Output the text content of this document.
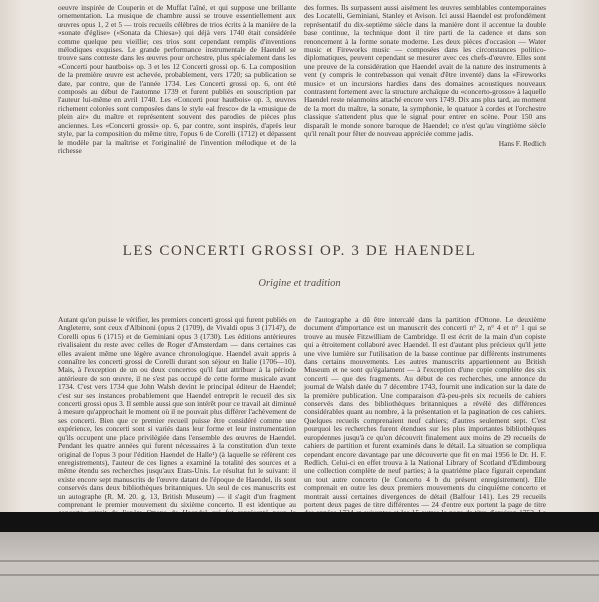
oeuvre inspirée de Couperin et de Muffat l'aîné, et qui suppose une brillante ornementation. La musique de chambre aussi se trouve essentiellement aux œuvres opus 1, 2 et 5 — trois recueils célèbres de trios écrits à la manière de la «sonate d'église» («Sonata da Chiesa») qui déjà vers 1740 était considérée comme quelque peu vieillie; ces trios sont cependant remplis d'inventions mélodiques exquises. Le grande performance instrumentale de Haendel se trouve sans conteste dans les œuvres pour orchestre, plus spécialement dans les «Concerti pour hautbois» op. 3 et les 12 Concerti grossi op. 6. La composition de la première œuvre est achevée, probablement, vers 1720; sa publication se date, par contre, que de l'année 1734. Les Concerti grossi op. 6, ont été composés au début de l'automne 1739 et furent publiés en souscription par l'auteur lui-même en avril 1740. Les «Concerti pour hautbois» op. 3, œuvres richement colorées sont composées dans le style «al fresco» de la «musique de plein air» du maître et représentent souvent des parodies de pièces plus anciennes. Les «Concerti grossi» op. 6, par contre, sont inspirés, d'après leur style, par la composition du même titre, l'opus 6 de Corelli (1712) et dépassent le modèle par la maîtrise et l'originalité de l'invention mélodique et de la richesse

des formes. Ils surpassent aussi aisément les œuvres semblables contemporaines des Locatelli, Geminiani, Stanley et Avison. Ici aussi Haendel est profondément représentatif du dix-septième siècle dans la manière dont il accentue la double base continue, la technique dont il tire parti de la cadence et dans son renoncement à la forme sonate moderne. Les deux pièces d'occasion — Water music et Fireworks music — composées dans les circonstances politico-diplomatiques, peuvent cependant se mesurer avec ces chefs-d'œuvre. Elles sont une preuve de la considération que Haendel avait de la nature des instruments à vent (y compris le contrebasson qui venait d'être inventé) dans la «Fireworks music» et un incursions hardies dans des domaines acoustiques nouveaux contrastent fortement avec la structure archaïque du «concerto-grosso» à laquelle Haendel reste néanmoins attaché encore vers 1749. Dix ans plus tard, au moment de la mort du maître, la sonate, la symphonie, le quatuor à cordes et l'orchestre classique s'attendent plus que le signal pour entrer en scène. Pour 150 ans disparaît le monde sonore baroque de Haendel; ce n'est qu'au vingtième siècle qu'il renaît pour fêter de nouveau appréciée comme jadis.

Hans F. Redlich
LES CONCERTI GROSSI OP. 3 DE HAENDEL
Origine et tradition

Autant qu'on puisse le vérifier, les premiers concerti grossi qui furent publiés en Angleterre, sont ceux d'Albinoni (opus 2 (1709), de Vivaldi opus 3 (1714?), de Corelli opus 6 (1715) et de Geminiani opus 3 (1730). Les éditions antérieures rivalisaient du reste avec celles de Roger d'Amsterdam — dans certaines cas elles avaient même une légère avance chronologique. Haendel avait appris à connaître les concerti grossi de Corelli durant son séjour en Italie (1706—10). Mais, à l'exception de un ou deux concertos qu'il faut attribuer à la période antérieure de son œuvre, il ne s'est pas occupé de cette forme musicale avant 1734. C'est vers 1734 que John Walsh devint le principal éditeur de Haendel; c'est sur ses instances probablement que Haendel entreprit le recueil des six concerti grossi opus 3. Il semble aussi que son intérêt pour ce travail ait diminué à mesure qu'approchait le moment où il ne pouvait plus différer l'achèvement de ses concerti. Bien que ce premier recueil puisse être considéré comme une expérience, les concerti sont si variés dans leur forme et leur instrumentation qu'ils occupent une place privilégiée dans l'ensemble des œuvres de Haendel. Pendant les quatre années qui furent nécessaires à la constitution d'un texte original de l'opus 3 pour l'édition Haendel de Halle¹) (à laquelle se réfèrent ces enregistrements), l'auteur de ces lignes a examiné la totalité des sources et a même étendu ses recherches jusqu'aux Etats-Unis. Le résultat fut le suivant: il existe encore sept manuscrits de l'œuvre datant de l'époque de Haendel, ils sont conservés dans deux bibliothèques britanniques. Un seul de ces manuscrits est un autographe (R. M. 20. g. 13, British Museum) — il s'agit d'un fragment comprenant le premier mouvement du sixième concerto. Il est identique au

de l'autographe a dû être intercalé dans la partition d'Ottone. Le deuxième document d'importance est un manuscrit des concerti n° 2, n° 4 et n° 1 qui se trouve au musée Fitzwilliam de Cambridge. Il est écrit de la main d'un copiste qui a étroitement collaboré avec Haendel. Il est d'autant plus précieux qu'il jette une vive lumière sur l'utilisation de la basse continue par différents instruments dans certains mouvements. Les autres manuscrits appartiennent au British Museum et ne sont qu'égalament — à l'exception d'une copie complète des six concerti — que des fragments. Au début de ces recherches, une annonce du journal de Walsh datée du 7 décembre 1743, fournit une indication sur la date de la première publication. Une comparaison d'à-peu-près six recueils de cahiers conservés dans des bibliothèques britanniques a révélé des différences considérables quant au nombre, à la présentation et la pagination de ces cahiers. Quelques recueils comprenaient neuf cahiers; d'autres seulement sept. C'est pourquoi les recherches furent étendues sur les plus importantes bibliothèques européennes jusqu'à ce qu'on découvrit finalement aux moins de 29 recueils de cahiers de partition et furent examinés dans le détail. La situation se compliqua cependant encore davantage par une découverte que fit en mai 1956 le Dr. H. F. Redlich. Celui-ci en effet trouva à la National Library of Scotland d'Edimbourg une collection complète de neuf parties; à la quatrième place figurait cependant un tout autre concerto (le Concerto 4 b du présent enregistrement). Elle comprenait en outre les deux premiers mouvements du cinquième concerto et montrait aussi certaines divergences de détail (Balfour 141). Les 29 recueils portent deux pages de titre différentes — 24 d'entre eux portent la page de titre
